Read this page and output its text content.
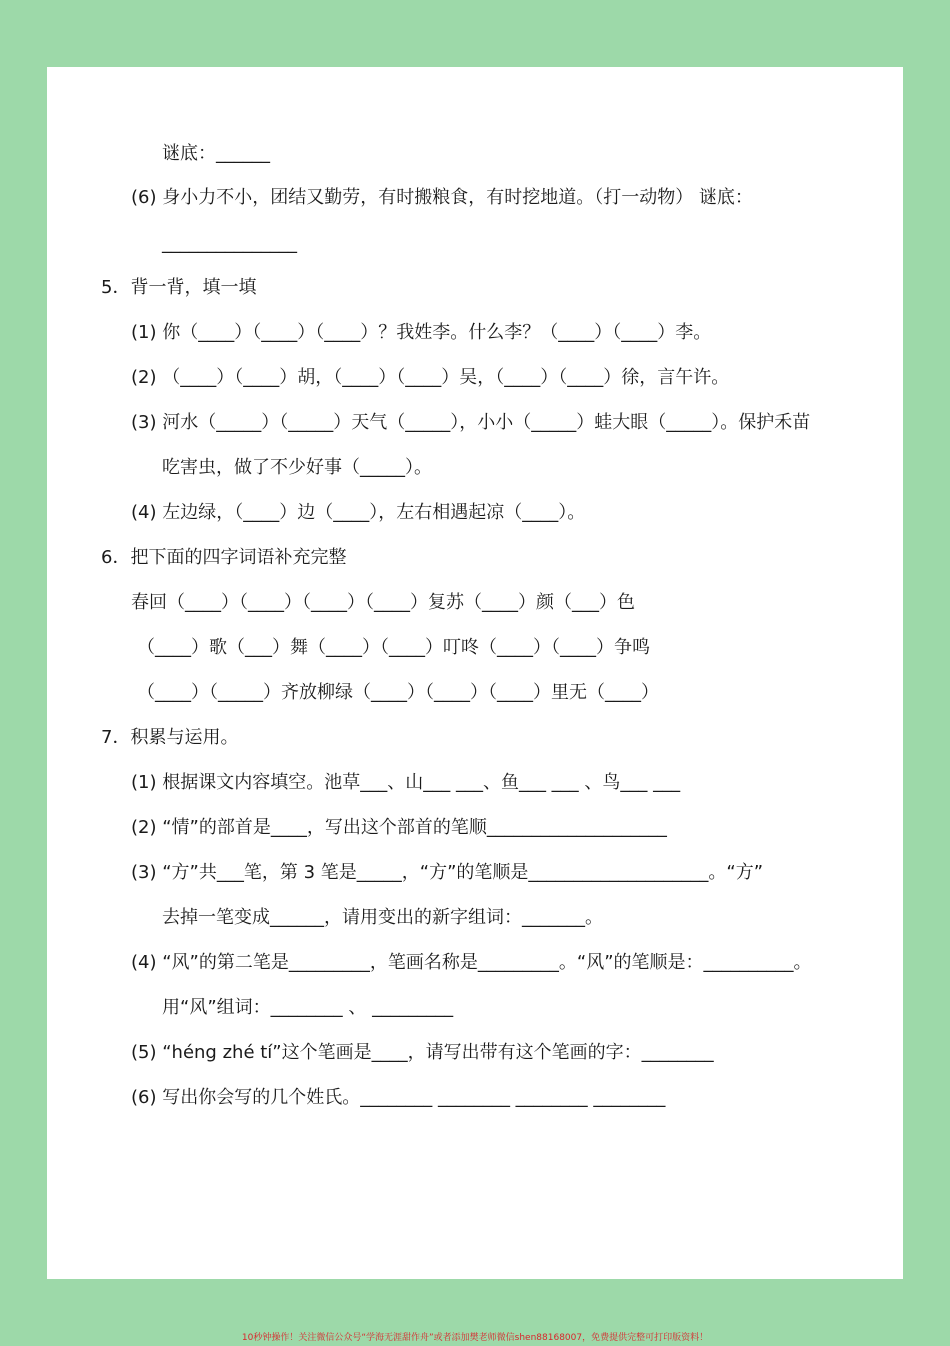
谜底：______
(6) 身小力不小，团结又勤劳，有时搬粮食，有时挖地道。（打一动物） 谜底：
_______________
5．背一背，填一填
(1) 你（____）（____）（____）？我姓李。什么李？（____）（____）李。
(2) （____）（____）胡，（____）（____）吴，（____）（____）徐，言午许。
(3) 河水（_____）（_____）天气（_____），小小（_____）蛙大眼（_____）。保护禾苗
吃害虫，做了不少好事（_____）。
(4) 左边绿，（____）边（____），左右相遇起凉（____）。
6．把下面的四字词语补充完整
春回（____）（____）（____）（____）复苏（____）颜（___）色
（____）歌（___）舞（____）（____）叮咚（____）（____）争鸣
（____）（_____）齐放柳绿（____）（____）（____）里无（____）
7．积累与运用。
(1) 根据课文内容填空。池草___、山___ ___、鱼___ ___ 、鸟___ ___
(2) “情”的部首是____，写出这个部首的笔顺____________________
(3) “方”共___笔，第 3 笔是_____，“方”的笔顺是____________________。“方”
去掉一笔变成______，请用变出的新字组词：_______。
(4) “风”的第二笔是_________，笔画名称是_________。“风”的笔顺是：__________。
用“风”组词：________ 、 _________
(5) “héng zhé tí”这个笔画是____，请写出带有这个笔画的字：________
(6) 写出你会写的几个姓氏。________ ________ ________ ________
10秒钟操作！关注微信公众号“学海无涯甜作舟”或者添加樊老师微信shen88168007，免费提供完整可打印版资料！
